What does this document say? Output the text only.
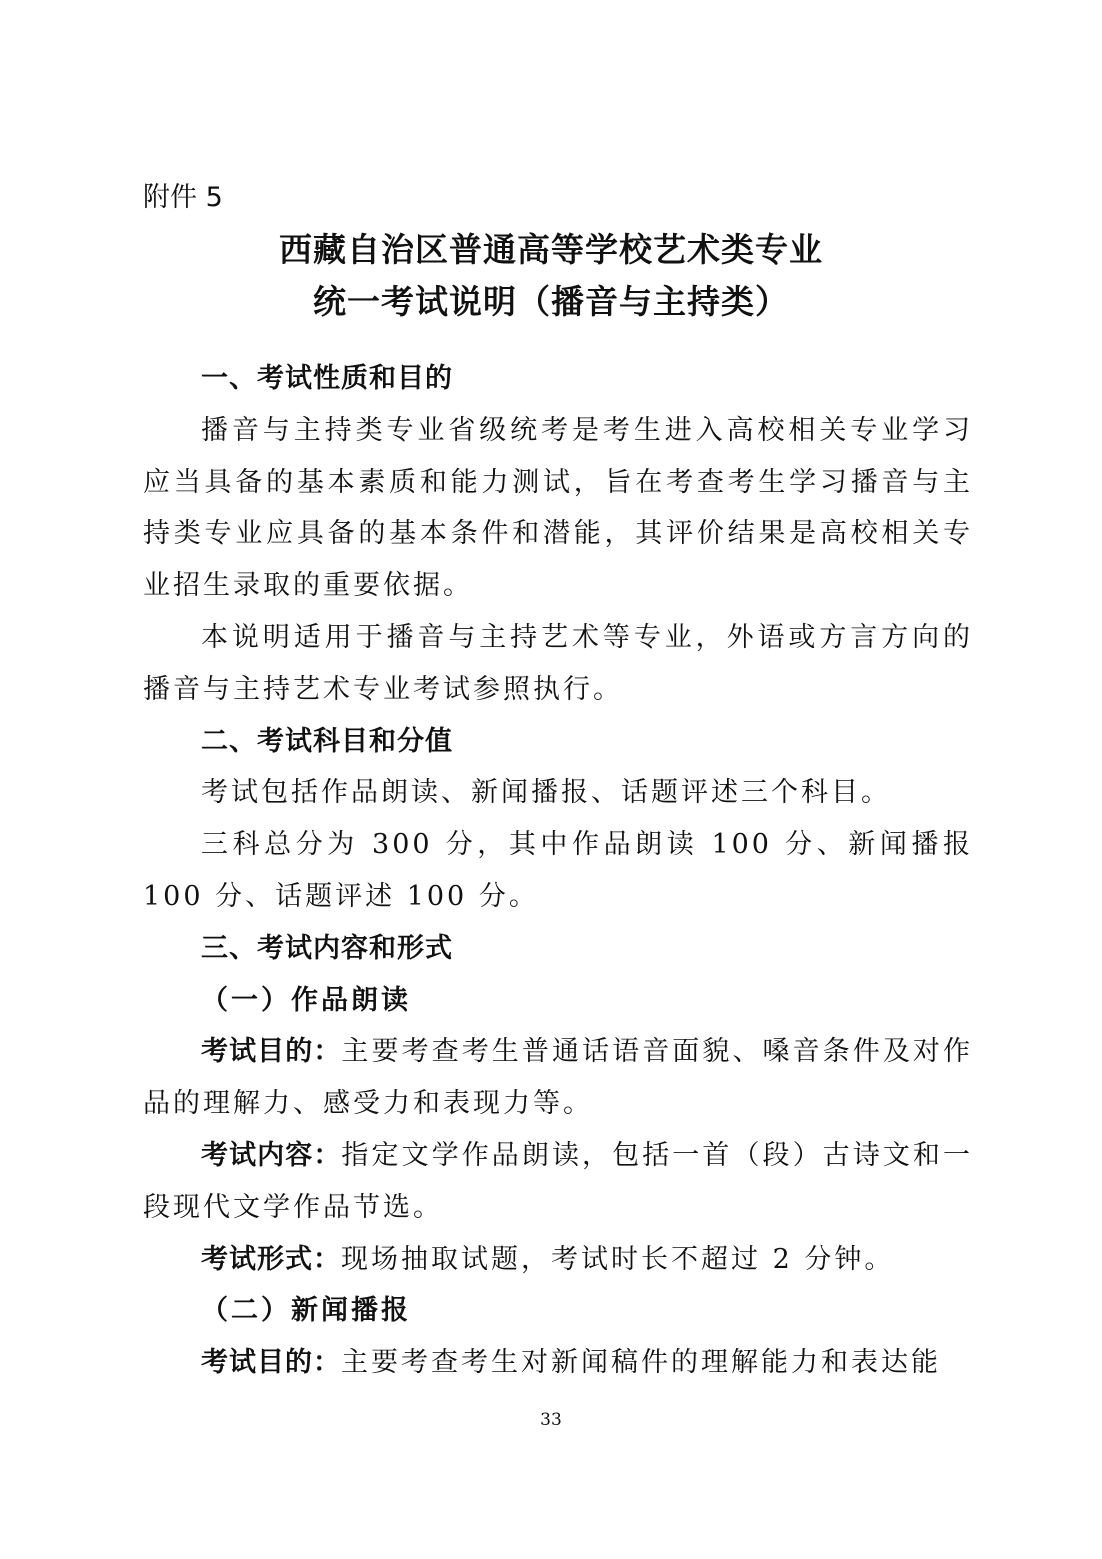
附件 5
西藏自治区普通高等学校艺术类专业
统一考试说明（播音与主持类）

一、考试性质和目的

播音与主持类专业省级统考是考生进入高校相关专业学习应当具备的基本素质和能力测试，旨在考查考生学习播音与主持类专业应具备的基本条件和潜能，其评价结果是高校相关专业招生录取的重要依据。

本说明适用于播音与主持艺术等专业，外语或方言方向的播音与主持艺术专业考试参照执行。

二、考试科目和分值

考试包括作品朗读、新闻播报、话题评述三个科目。

三科总分为 300 分，其中作品朗读 100 分、新闻播报 100 分、话题评述 100 分。

三、考试内容和形式

（一）作品朗读

考试目的：主要考查考生普通话语音面貌、嗓音条件及对作品的理解力、感受力和表现力等。

考试内容：指定文学作品朗读，包括一首（段）古诗文和一段现代文学作品节选。

考试形式：现场抽取试题，考试时长不超过 2 分钟。

（二）新闻播报

考试目的：主要考查考生对新闻稿件的理解能力和表达能

33
